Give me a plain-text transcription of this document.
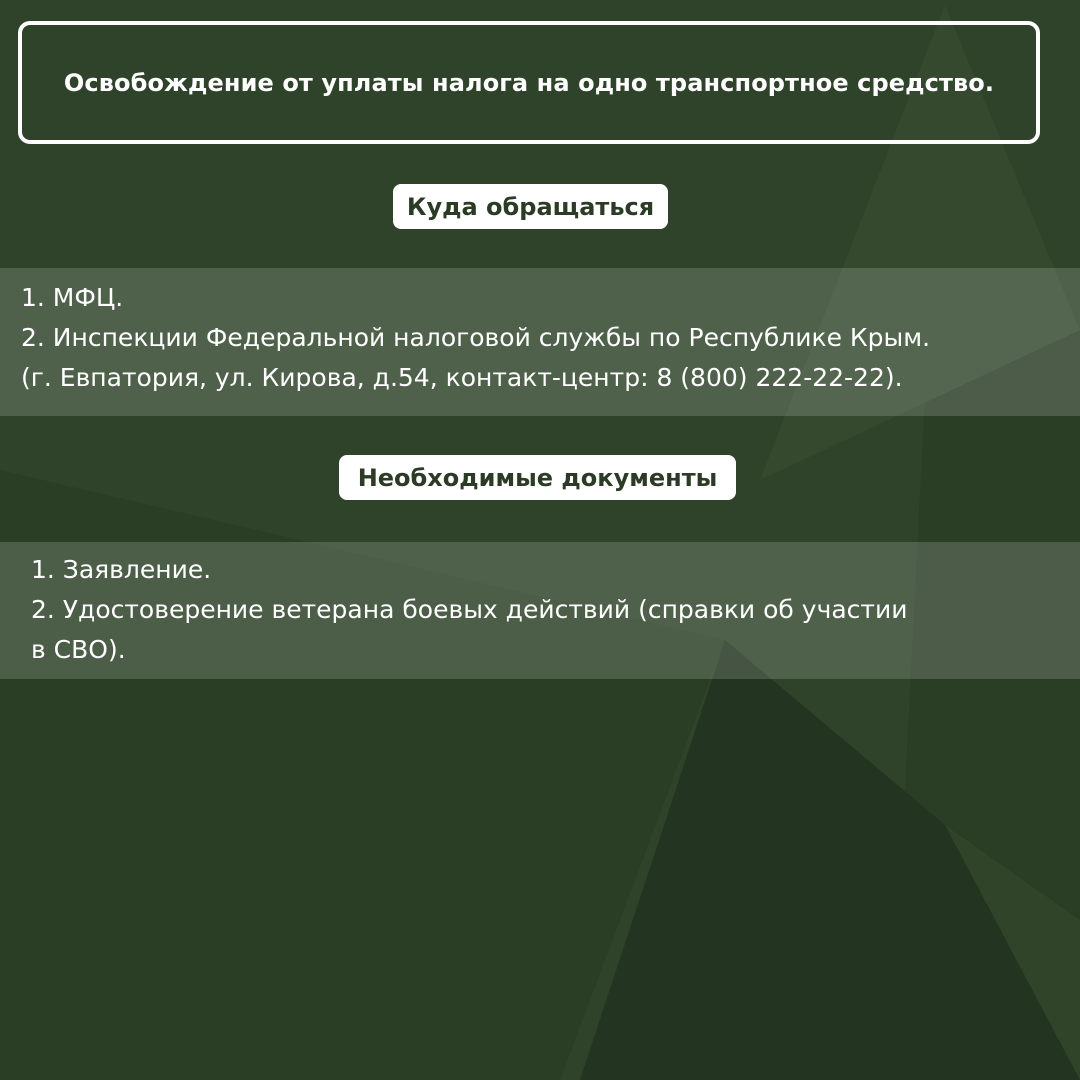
Освобождение от уплаты налога на одно транспортное средство.
Куда обращаться
1. МФЦ.
2. Инспекции Федеральной налоговой службы по Республике Крым.
(г. Евпатория, ул. Кирова, д.54, контакт-центр: 8 (800) 222-22-22).
Необходимые документы
1. Заявление.
2. Удостоверение ветерана боевых действий (справки об участии
в СВО).
